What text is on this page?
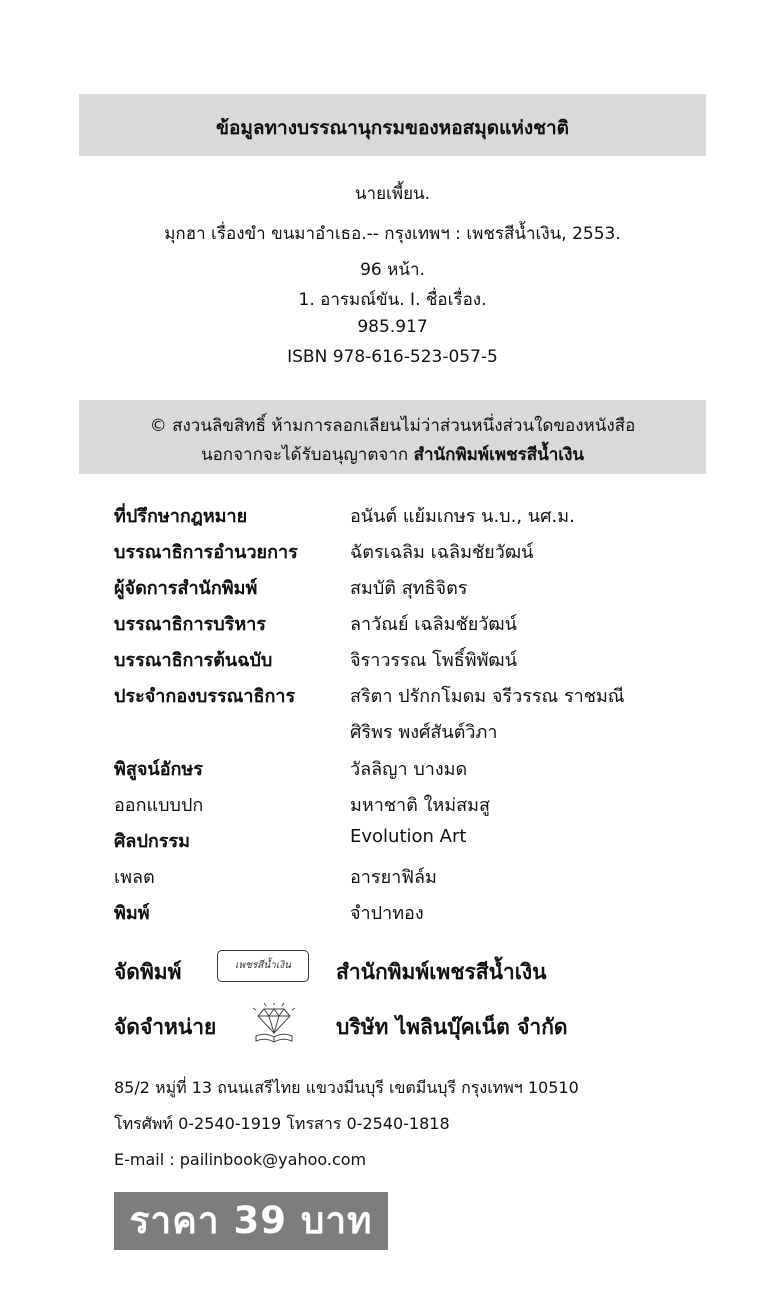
ข้อมูลทางบรรณานุกรมของหอสมุดแห่งชาติ
นายเพี้ยน.
มุกฮา เรื่องขำ ขนมาอำเธอ.-- กรุงเทพฯ : เพชรสีน้ำเงิน, 2553.
96 หน้า.
1. อารมณ์ขัน. I. ชื่อเรื่อง.
985.917
ISBN 978-616-523-057-5
© สงวนลิขสิทธิ์ ห้ามการลอกเลียนไม่ว่าส่วนหนึ่งส่วนใดของหนังสือ
นอกจากจะได้รับอนุญาตจาก สำนักพิมพ์เพชรสีน้ำเงิน
ที่ปรึกษากฎหมาย	อนันต์ แย้มเกษร น.บ., นศ.ม.
บรรณาธิการอำนวยการ	ฉัตรเฉลิม เฉลิมชัยวัฒน์
ผู้จัดการสำนักพิมพ์	สมบัติ สุทธิจิตร
บรรณาธิการบริหาร	ลาวัณย์ เฉลิมชัยวัฒน์
บรรณาธิการต้นฉบับ	จิราวรรณ โพธิ์พิพัฒน์
ประจำกองบรรณาธิการ	สริตา ปรักกโมดม จรีวรรณ ราชมณี
ศิริพร พงศ์สันต์วิภา
พิสูจน์อักษร	วัลลิญา บางมด
ออกแบบปก	มหาชาติ ใหม่สมสู
ศิลปกรรม	Evolution Art
เพลต	อารยาฟิล์ม
พิมพ์	จำปาทอง
จัดพิมพ์	เพชรสีน้ำเงิน	สำนักพิมพ์เพชรสีน้ำเงิน
จัดจำหน่าย	บริษัท ไพลินบุ๊คเน็ต จำกัด
85/2 หมู่ที่ 13 ถนนเสรีไทย แขวงมีนบุรี เขตมีนบุรี กรุงเทพฯ 10510
โทรศัพท์ 0-2540-1919 โทรสาร 0-2540-1818
E-mail : pailinbook@yahoo.com
ราคา 39 บาท
